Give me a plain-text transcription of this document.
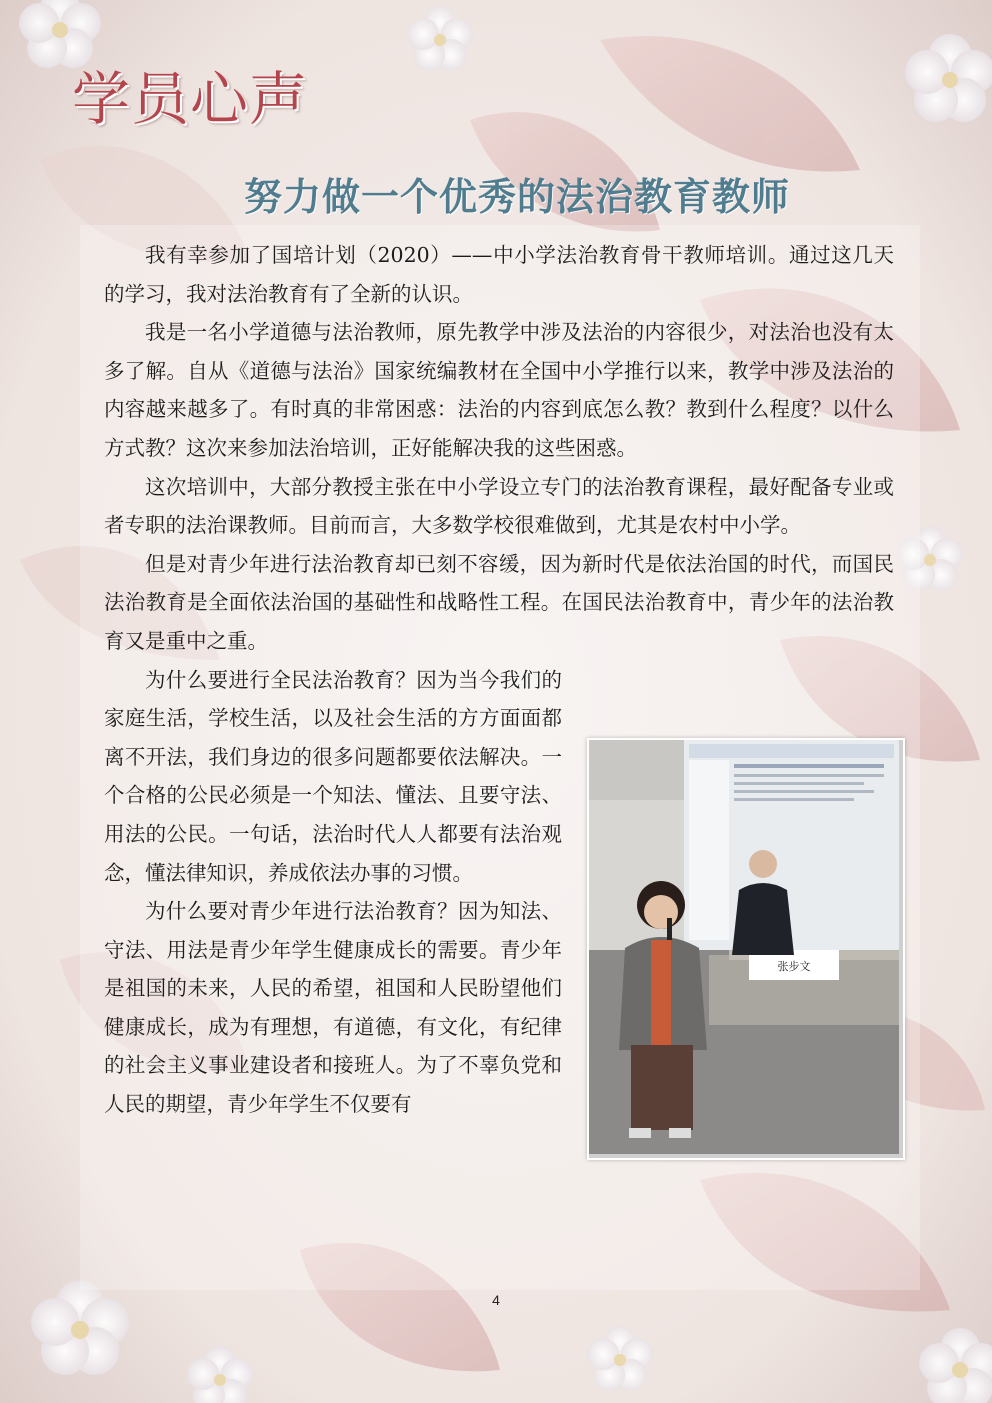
学员心声
努力做一个优秀的法治教育教师
张步文

我有幸参加了国培计划（2020）——中小学法治教育骨干教师培训。通过这几天的学习，我对法治教育有了全新的认识。

我是一名小学道德与法治教师，原先教学中涉及法治的内容很少，对法治也没有太多了解。自从《道德与法治》国家统编教材在全国中小学推行以来，教学中涉及法治的内容越来越多了。有时真的非常困惑：法治的内容到底怎么教？教到什么程度？以什么方式教？这次来参加法治培训，正好能解决我的这些困惑。

这次培训中，大部分教授主张在中小学设立专门的法治教育课程，最好配备专业或者专职的法治课教师。目前而言，大多数学校很难做到，尤其是农村中小学。

但是对青少年进行法治教育却已刻不容缓，因为新时代是依法治国的时代，而国民法治教育是全面依法治国的基础性和战略性工程。在国民法治教育中，青少年的法治教育又是重中之重。

为什么要进行全民法治教育？因为当今我们的家庭生活，学校生活，以及社会生活的方方面面都离不开法，我们身边的很多问题都要依法解决。一个合格的公民必须是一个知法、懂法、且要守法、用法的公民。一句话，法治时代人人都要有法治观念，懂法律知识，养成依法办事的习惯。

为什么要对青少年进行法治教育？因为知法、守法、用法是青少年学生健康成长的需要。青少年是祖国的未来，人民的希望，祖国和人民盼望他们健康成长，成为有理想，有道德，有文化，有纪律的社会主义事业建设者和接班人。为了不辜负党和人民的期望，青少年学生不仅要有

4
